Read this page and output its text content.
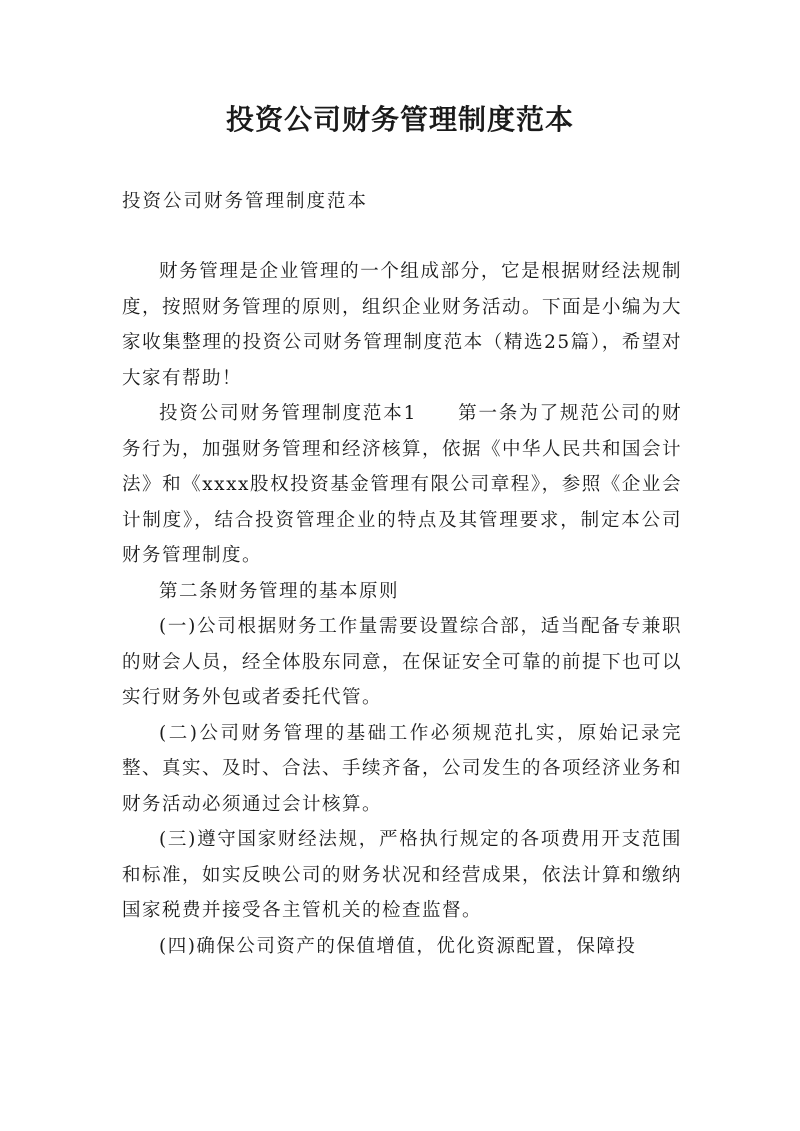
投资公司财务管理制度范本

投资公司财务管理制度范本

财务管理是企业管理的一个组成部分，它是根据财经法规制度，按照财务管理的原则，组织企业财务活动。下面是小编为大家收集整理的投资公司财务管理制度范本（精选25篇），希望对大家有帮助！

投资公司财务管理制度范本1　　第一条为了规范公司的财务行为，加强财务管理和经济核算，依据《中华人民共和国会计法》和《xxxx股权投资基金管理有限公司章程》，参照《企业会计制度》，结合投资管理企业的特点及其管理要求，制定本公司财务管理制度。

第二条财务管理的基本原则

(一)公司根据财务工作量需要设置综合部，适当配备专兼职的财会人员，经全体股东同意，在保证安全可靠的前提下也可以实行财务外包或者委托代管。

(二)公司财务管理的基础工作必须规范扎实，原始记录完整、真实、及时、合法、手续齐备，公司发生的各项经济业务和财务活动必须通过会计核算。

(三)遵守国家财经法规，严格执行规定的各项费用开支范围和标准，如实反映公司的财务状况和经营成果，依法计算和缴纳国家税费并接受各主管机关的检查监督。

(四)确保公司资产的保值增值，优化资源配置，保障投
